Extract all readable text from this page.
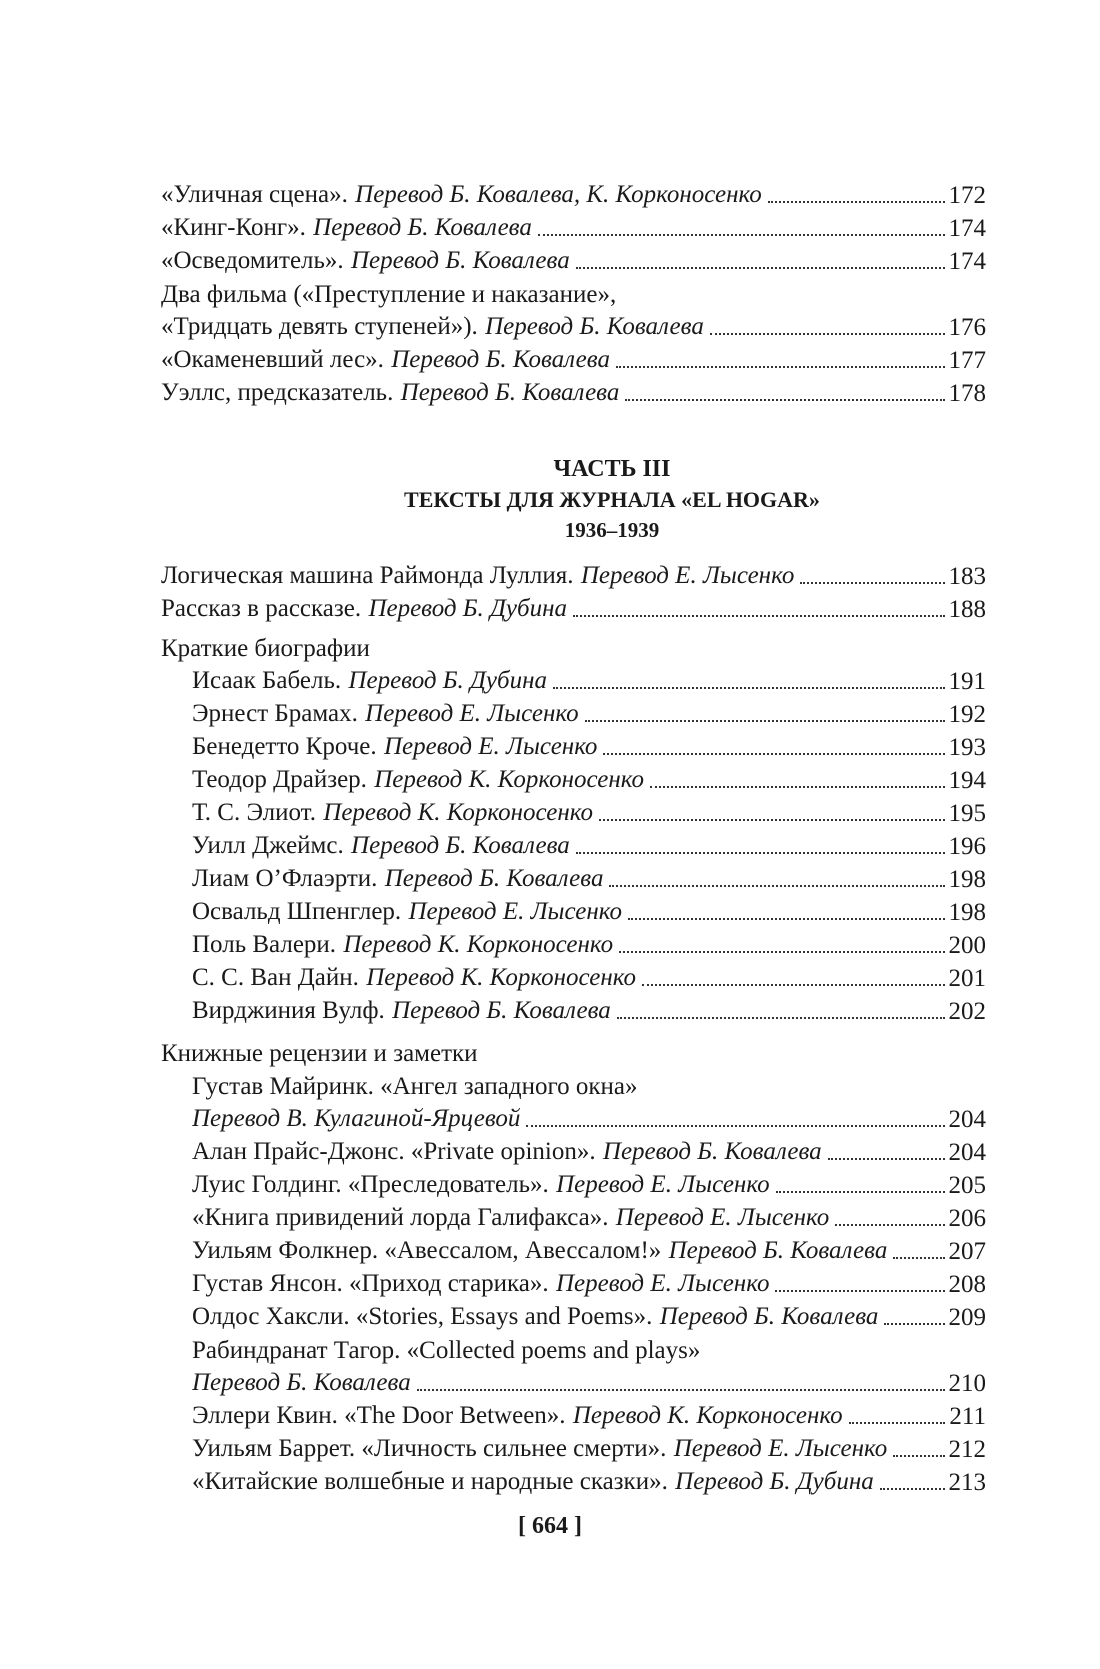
«Уличная сцена». Перевод Б. Ковалева, К. Корконосенко	172
«Кинг-Конг». Перевод Б. Ковалева	174
«Осведомитель». Перевод Б. Ковалева	174
Два фильма («Преступление и наказание»,
«Тридцать девять ступеней»). Перевод Б. Ковалева	176
«Окаменевший лес». Перевод Б. Ковалева	177
Уэллс, предсказатель. Перевод Б. Ковалева	178
ЧАСТЬ III
ТЕКСТЫ ДЛЯ ЖУРНАЛА «EL HOGAR»
1936–1939
Логическая машина Раймонда Луллия. Перевод Е. Лысенко	183
Рассказ в рассказе. Перевод Б. Дубина	188
Краткие биографии
Исаак Бабель. Перевод Б. Дубина	191
Эрнест Брамах. Перевод Е. Лысенко	192
Бенедетто Кроче. Перевод Е. Лысенко	193
Теодор Драйзер. Перевод К. Корконосенко	194
Т. С. Элиот. Перевод К. Корконосенко	195
Уилл Джеймс. Перевод Б. Ковалева	196
Лиам О’Флаэрти. Перевод Б. Ковалева	198
Освальд Шпенглер. Перевод Е. Лысенко	198
Поль Валери. Перевод К. Корконосенко	200
С. С. Ван Дайн. Перевод К. Корконосенко	201
Вирджиния Вулф. Перевод Б. Ковалева	202
Книжные рецензии и заметки
Густав Майринк. «Ангел западного окна»
Перевод В. Кулагиной-Ярцевой	204
Алан Прайс-Джонс. «Private opinion». Перевод Б. Ковалева	204
Луис Голдинг. «Преследователь». Перевод Е. Лысенко	205
«Книга привидений лорда Галифакса». Перевод Е. Лысенко	206
Уильям Фолкнер. «Авессалом, Авессалом!» Перевод Б. Ковалева 207
Густав Янсон. «Приход старика». Перевод Е. Лысенко	208
Олдос Хаксли. «Stories, Essays and Poems». Перевод Б. Ковалева	209
Рабиндранат Тагор. «Collected poems and plays»
Перевод Б. Ковалева	210
Эллери Квин. «The Door Between». Перевод К. Корконосенко	211
Уильям Баррет. «Личность сильнее смерти». Перевод Е. Лысенко 212
«Китайские волшебные и народные сказки». Перевод Б. Дубина	213
[ 664 ]
